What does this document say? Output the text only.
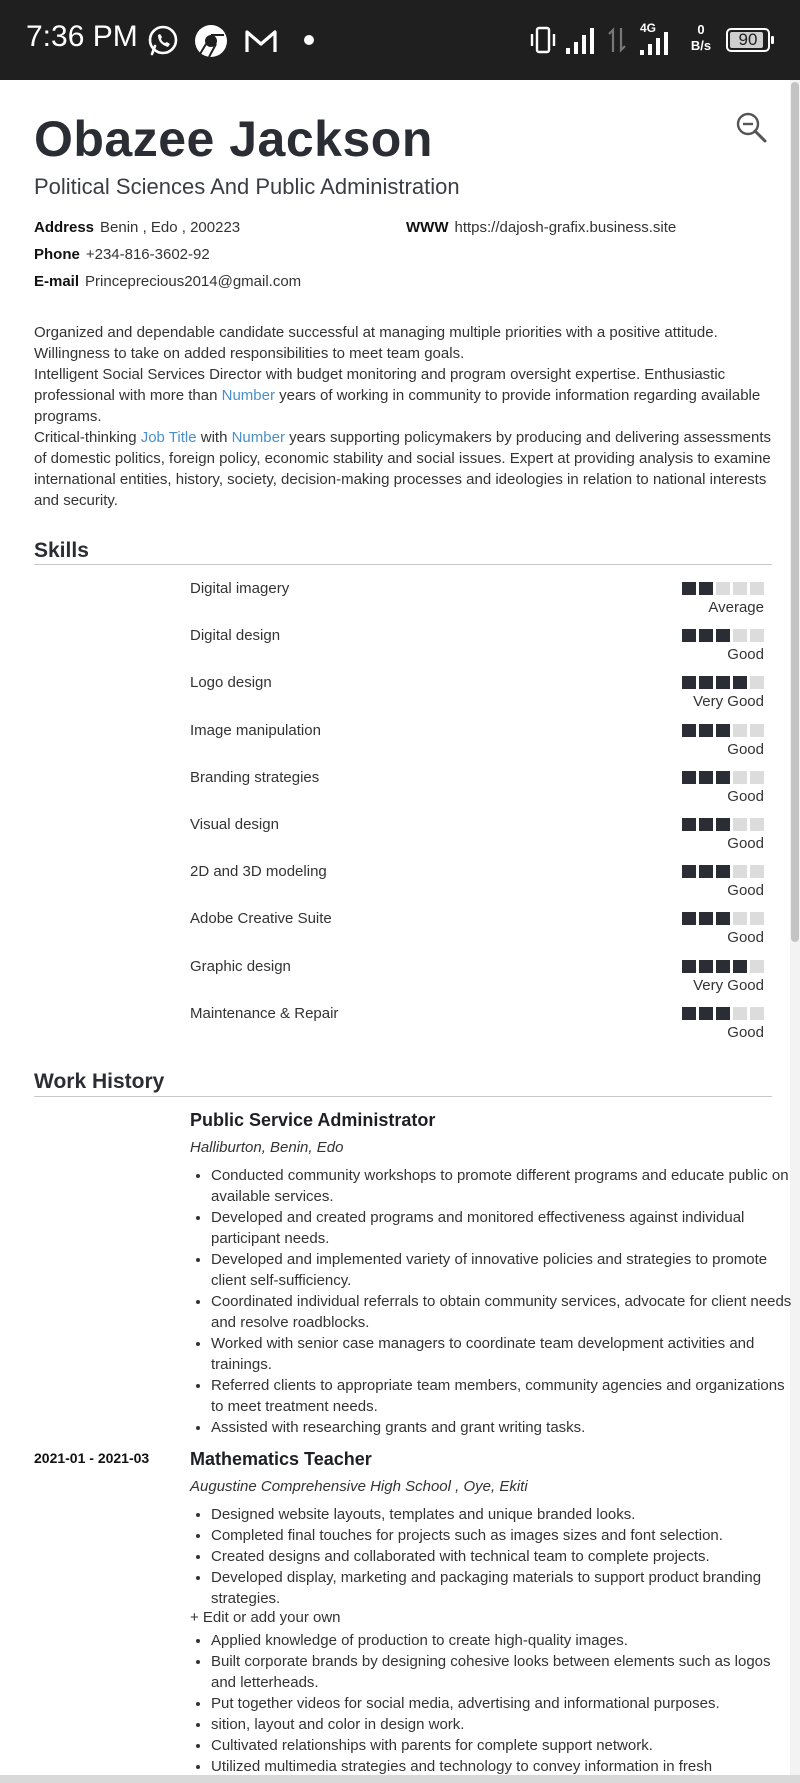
7:36 PM	4G	0
B/s	90
Obazee Jackson
Political Sciences And Public Administration
Address Benin , Edo , 200223	WWW https://dajosh-grafix.business.site
Phone +234-816-3602-92
E-mail Princeprecious2014@gmail.com

Organized and dependable candidate successful at managing multiple priorities with a positive attitude. Willingness to take on added responsibilities to meet team goals.

Intelligent Social Services Director with budget monitoring and program oversight expertise. Enthusiastic professional with more than Number years of working in community to provide information regarding available programs.

Critical-thinking Job Title with Number years supporting policymakers by producing and delivering assessments of domestic politics, foreign policy, economic stability and social issues. Expert at providing analysis to examine international entities, history, society, decision-making processes and ideologies in relation to national interests and security.

Skills
Digital imagery
Average
Digital design
Good
Logo design
Very Good
Image manipulation
Good
Branding strategies
Good
Visual design
Good
2D and 3D modeling
Good
Adobe Creative Suite
Good
Graphic design
Very Good
Maintenance & Repair
Good
Work History
Public Service Administrator
Halliburton, Benin, Edo
• Conducted community workshops to promote different programs and educate public on available services.
• Developed and created programs and monitored effectiveness against individual participant needs.
• Developed and implemented variety of innovative policies and strategies to promote client self-sufficiency.
• Coordinated individual referrals to obtain community services, advocate for client needs and resolve roadblocks.
• Worked with senior case managers to coordinate team development activities and trainings.
• Referred clients to appropriate team members, community agencies and organizations to meet treatment needs.
• Assisted with researching grants and grant writing tasks.
2021-01 - 2021-03 Mathematics Teacher
Augustine Comprehensive High School , Oye, Ekiti
• Designed website layouts, templates and unique branded looks.
• Completed final touches for projects such as images sizes and font selection.
• Created designs and collaborated with technical team to complete projects.
• Developed display, marketing and packaging materials to support product branding strategies.
+ Edit or add your own
• Applied knowledge of production to create high-quality images.
• Built corporate brands by designing cohesive looks between elements such as logos and letterheads.
• Put together videos for social media, advertising and informational purposes.
• sition, layout and color in design work.
• Cultivated relationships with parents for complete support network.
• Utilized multimedia strategies and technology to convey information in fresh
